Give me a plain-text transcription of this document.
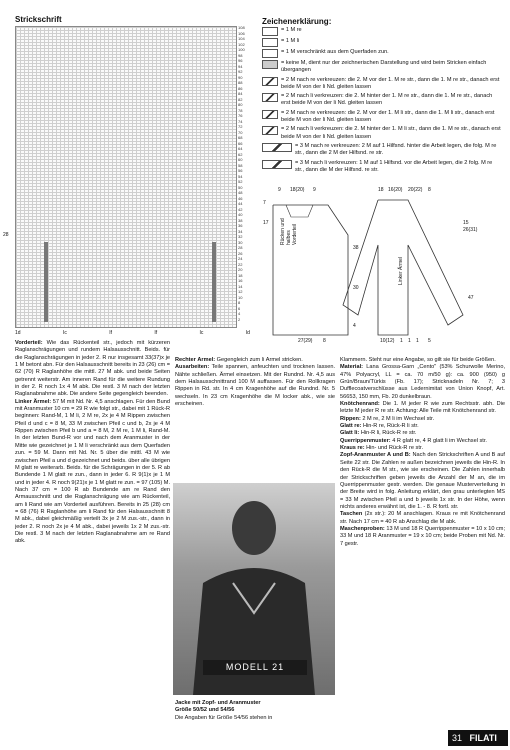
Strickschrift
28
108
106
104
102
100
98
96
94
92
90
88
86
84
82
80
78
76
74
72
70
68
66
64
62
60
58
56
54
52
50
48
46
44
42
40
38
36
34
32
30
28
26
24
22
20
18
16
14
12
10
8
6
4
2
1d	Ic	If	If	Ic	Id
Zeichenerklärung:
= 1 M re
= 1 M li
= 1 M verschränkt aus dem Querfaden zun.
= keine M, dient nur der zeichnerischen Darstellung und wird beim Stricken einfach übergangen
= 2 M nach re verkreuzen: die 2. M vor der 1. M re str., dann die 1. M re str., danach erst beide M von der li Nd. gleiten lassen
= 2 M nach li verkreuzen: die 2. M hinter der 1. M re str., dann die 1. M re str., danach erst beide M von der li Nd. gleiten lassen
= 2 M nach re verkreuzen: die 2. M vor der 1. M li str., dann die 1. M li str., danach erst beide M von der li Nd. gleiten lassen
= 2 M nach li verkreuzen: die 2. M hinter der 1. M li str., dann die 1. M re str., danach erst beide M von der li Nd. gleiten lassen
= 3 M nach re verkreuzen: 2 M auf 1 Hilfsnd. hinter die Arbeit legen, die folg. M re str., dann die 2 M der Hilfsnd. re str.
= 3 M nach li verkreuzen: 1 M auf 1 Hilfsnd. vor die Arbeit legen, die 2 folg. M re str., dann die M der Hilfsnd. re str.
Rücken und halbes Vorderteil
Linker Ärmel
9 18(20) 9	18 16(20) 20(22) 8
7
17
30
4
38
15
47
26(31)
27(29) 8	10(12) 1 1 1 5
Vorderteil: Wie das Rückenteil str., jedoch mit kürzeren Raglanschrägungen und rundem Halsausschnitt. Beids. für die Raglanschrägungen in jeder 2. R nur insgesamt 33(37)x je 1 M betont abn. Für den Halsausschnitt bereits in 23 (26) cm = 62 (70) R Raglanhöhe die mittl. 27 M abk. und beide Seiten getrennt weiterstr. Am inneren Rand für die weitere Rundung in der 2. R noch 1x 4 M abk. Die restl. 3 M nach der letzten Raglanabnahme abk. Die andere Seite gegengleich beenden.
Linker Ärmel: 57 M mit Nd. Nr. 4,5 anschlagen. Für den Bund mit Aranmuster 10 cm = 29 R wie folgt str., dabei mit 1 Rück-R beginnen: Rand-M, 1 M li, 2 M re, 2x je 4 M Rippen zwischen Pfeil d und c = 8 M, 33 M zwischen Pfeil c und b, 2x je 4 M Rippen zwischen Pfeil b und a = 8 M, 2 M re, 1 M li, Rand-M. In der letzten Bund-R vor und nach dem Aranmuster in der Mitte wie gezeichnet je 1 M li verschränkt aus dem Querfaden zun. = 59 M. Dann mit Nd. Nr. 5 über die mittl. 43 M wie zwischen Pfeil a und d gezeichnet und beids. über alle übrigen M glatt re weiterarb. Beids. für die Schrägungen in der 5. R ab Bundende 1 M glatt re zun., dann in jeder 6. R 9(1)x je 1 M und in jeder 4. R noch 9(21)x je 1 M glatt re zun. = 97 (105) M. Nach 37 cm = 100 R ab Bundende am re Rand den Armausschnitt und die Raglanschrägung wie am Rückenteil, am li Rand wie am Vorderteil ausführen. Bereits in 25 (28) cm = 68 (76) R Raglanhöhe am li Rand für den Halsausschnitt 8 M abk., dabei gleichmäßig verteilt 3x je 2 M zus.-str., dann in jeder 2. R noch 2x je 4 M abk., dabei jeweils 1x 2 M zus.-str. Die restl. 3 M nach der letzten Raglanabnahme am re Rand abk.
Rechter Ärmel: Gegengleich zum li Ärmel stricken.
Ausarbeiten: Teile spannen, anfeuchten und trocknen lassen. Nähte schließen. Ärmel einsetzen. Mit der Rundnd. Nr. 4,5 aus dem Halsausschnittrand 100 M auffassen. Für den Rollkragen Rippen in Rd. str. In 4 cm Kragenhöhe auf die Rundnd. Nr. 5 wechseln. In 23 cm Kragenhöhe die M locker abk., wie sie erscheinen.
MODELL 21
Jacke mit Zopf- und Aranmuster
Größe 50/52 und 54/56
Die Angaben für Größe 54/56 stehen in
Klammern. Steht nur eine Angabe, so gilt sie für beide Größen.
Material: Lana Grossa-Garn „Cento" (53% Schurwolle Merino, 47% Polyacryl, LL = ca. 70 m/50 g): ca. 900 (950) g Grün/Braun/Türkis (Fb. 17); Stricknadeln Nr. 7; 3 Dufflecoatverschlüsse aus Ledernimitat von Union Knopf, Art. 56653, 150 mm, Fb. 20 dunkelbraun.
Knötchenrand: Die 1. M jeder R wie zum Rechtsstr. abh. Die letzte M jeder R re str. Achtung: Alle Teile mit Knötchenrand str.
Rippen: 2 M re, 2 M li im Wechsel str.
Glatt re: Hin-R re, Rück-R li str.
Glatt li: Hin-R li, Rück-R re str.
Querrippenmuster: 4 R glatt re, 4 R glatt li im Wechsel str.
Kraus re: Hin- und Rück-R re str.
Zopf-Aranmuster A und B: Nach den Strickschriften A und B auf Seite 22 str. Die Zahlen re außen bezeichnen jeweils die Hin-R. In den Rück-R die M str., wie sie erscheinen. Die Zahlen innerhalb der Strickschriften geben jeweils die Anzahl der M an, die im Querrippenmuster gestr. werden. Die genaue Musterverteilung in der Breite wird in folg. Anleitung erklärt, den grau unterlegten MS = 33 M zwischen Pfeil a und b jeweils 1x str. In der Höhe, wenn nichts anderes erwähnt ist, die 1. - 8. R fortl. str.
Taschen (2x str.): 20 M anschlagen. Kraus re mit Knötchenrand str. Nach 17 cm = 40 R ab Anschlag die M abk.
Maschenproben: 13 M und 18 R Querrippenmuster = 10 x 10 cm; 33 M und 18 R Aranmuster = 19 x 10 cm; beide Proben mit Nd. Nr. 7 gestr.
31 FILATI
